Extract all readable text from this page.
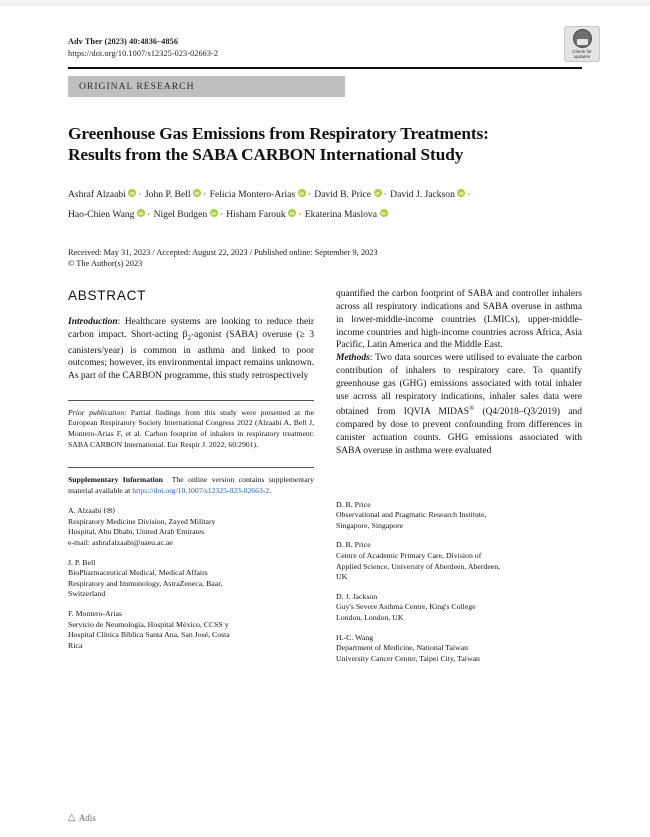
Check for
updates
Adv Ther (2023) 40:4836–4856
https://doi.org/10.1007/s12325-023-02663-2
ORIGINAL RESEARCH
Greenhouse Gas Emissions from Respiratory Treatments: Results from the SABA CARBON International Study
Ashraf Alzaabi iD · John P. Bell iD · Felicia Montero-Arias iD · David B. Price iD · David J. Jackson iD · Hao-Chien Wang iD · Nigel Budgen iD · Hisham Farouk iD · Ekaterina MaslovaiD
Received: May 31, 2023 / Accepted: August 22, 2023 / Published online: September 9, 2023
© The Author(s) 2023
ABSTRACT
Introduction: Healthcare systems are looking to reduce their carbon impact. Short-acting $\beta_2$-agonist (SABA) overuse (≥ 3 canisters/year) is common in asthma and linked to poor outcomes; however, its environmental impact remains unknown. As part of the CARBON programme, this study retrospectively
Prior publication: Partial findings from this study were presented at the European Respiratory Society International Congress 2022 (Alzaabi A, Bell J, Montero-Arias F, et al. Carbon footprint of inhalers in respiratory treatment: SABA CARBON International. Eur Respir J. 2022; 60:2901).
Supplementary Information The online version contains supplementary material available at https://doi.org/10.1007/s12325-023-02663-2.
A. Alzaabi (✉)
Respiratory Medicine Division, Zayed Military
Hospital, Abu Dhabi, United Arab Emirates
e-mail: ashrafalzaabi@uaeu.ac.ae
J. P. Bell
BioPharmaceutical Medical, Medical Affairs
Respiratory and Immunology, AstraZeneca, Baar,
Switzerland
F. Montero-Arias
Servicio de Neumología, Hospital México, CCSS y
Hospital Clínica Bíblica Santa Ana, San José, Costa
Rica
quantified the carbon footprint of SABA and controller inhalers across all respiratory indications and SABA overuse in asthma in lower-middle-income countries (LMICs), upper-middle-income countries and high-income countries across Africa, Asia Pacific, Latin America and the Middle East.
Methods: Two data sources were utilised to evaluate the carbon contribution of inhalers to respiratory care. To quantify greenhouse gas (GHG) emissions associated with total inhaler use across all respiratory indications, inhaler sales data were obtained from IQVIA MIDAS® (Q4/2018–Q3/2019) and compared by dose to prevent confounding from differences in canister actuation counts. GHG emissions associated with SABA overuse in asthma were evaluated
D. B. Price
Observational and Pragmatic Research Institute,
Singapore, Singapore
D. B. Price
Centre of Academic Primary Care, Division of
Applied Science, University of Aberdeen, Aberdeen,
UK
D. J. Jackson
Guy's Severe Asthma Centre, King's College
London, London, UK
H.-C. Wang
Department of Medicine, National Taiwan
University Cancer Center, Taipei City, Taiwan
△ Adis
